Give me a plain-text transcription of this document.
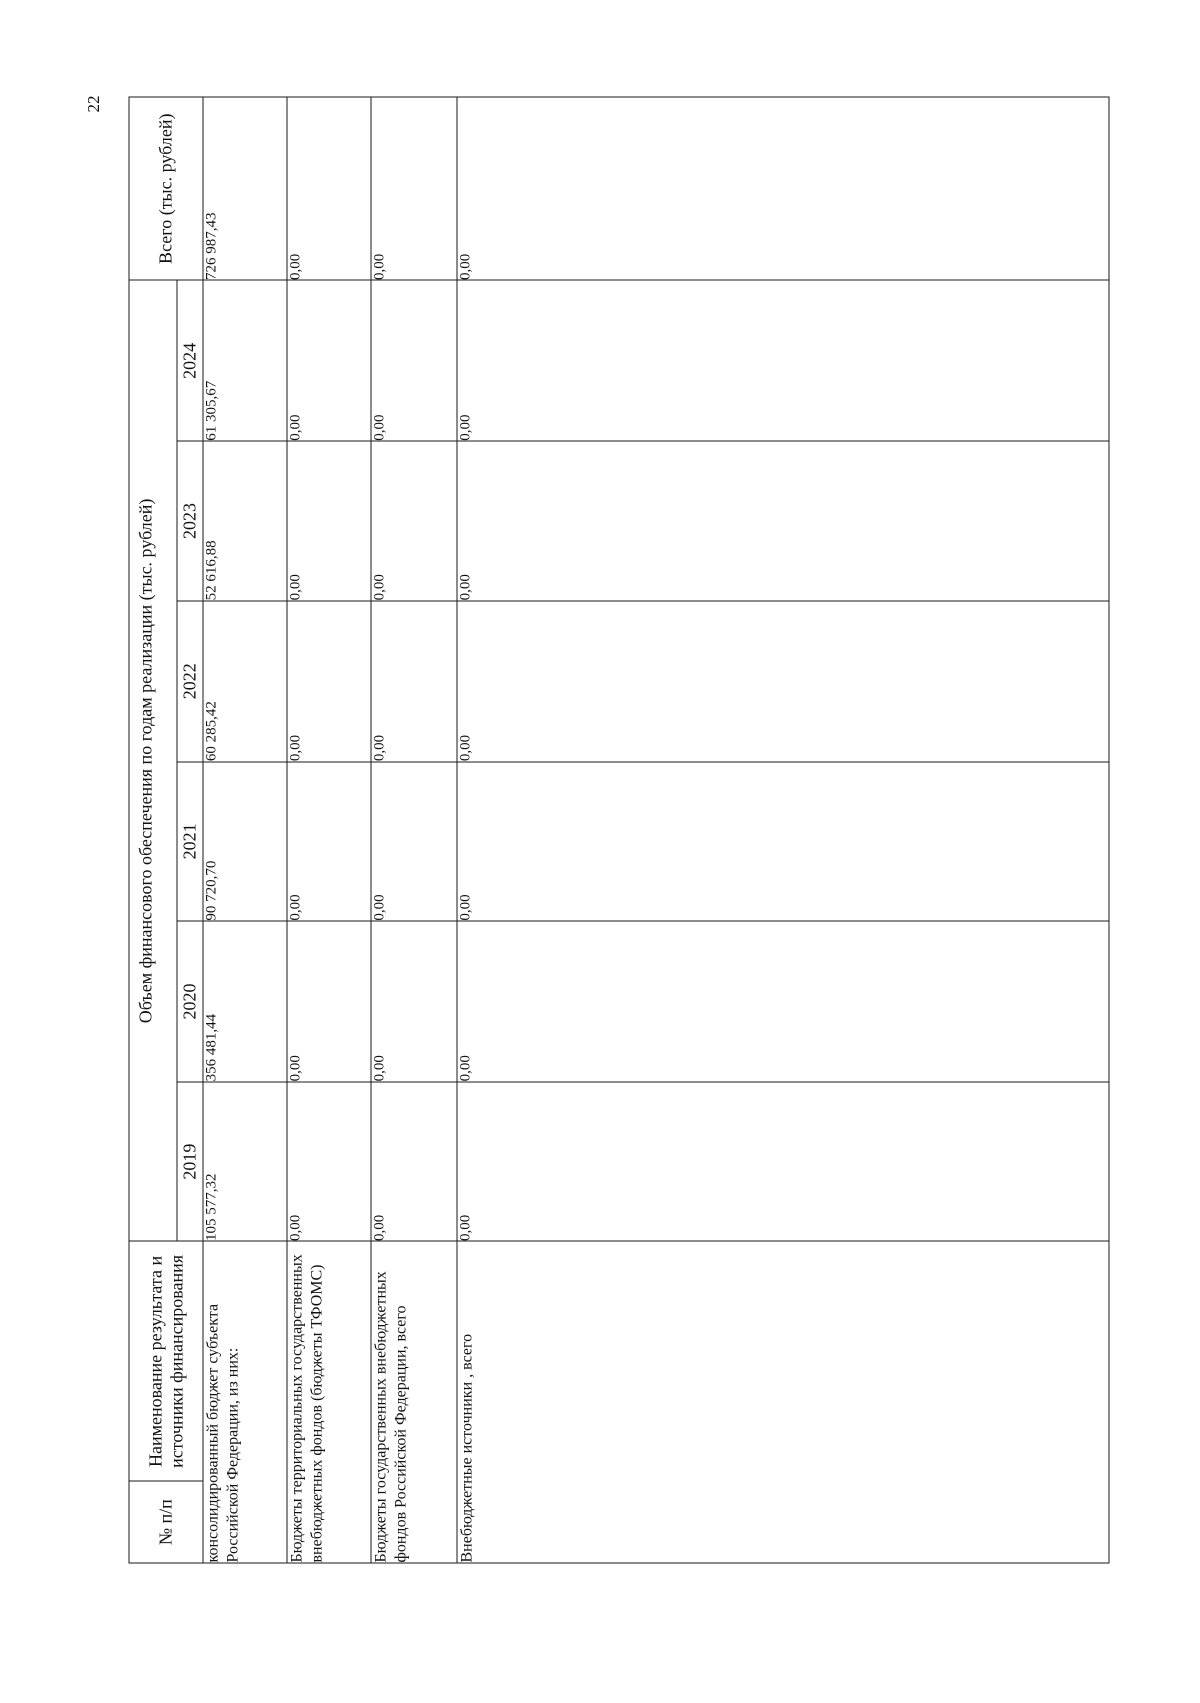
22
№ п/п	Наименование результата и источники финансирования	Объем финансового обеспечения по годам реализации (тыс. рублей)						Всего (тыс. рублей)
		2019	2020	2021	2022	2023	2024	
консолидированный бюджет субъекта Российской Федерации, из них:		105 577,32	356 481,44	90 720,70	60 285,42	52 616,88	61 305,67	726 987,43
Бюджеты территориальных государственных внебюджетных фондов (бюджеты ТФОМС)		0,00	0,00	0,00	0,00	0,00	0,00	0,00
Бюджеты государственных внебюджетных фондов Российской Федерации, всего		0,00	0,00	0,00	0,00	0,00	0,00	0,00
Внебюджетные источники , всего		0,00	0,00	0,00	0,00	0,00	0,00	0,00
